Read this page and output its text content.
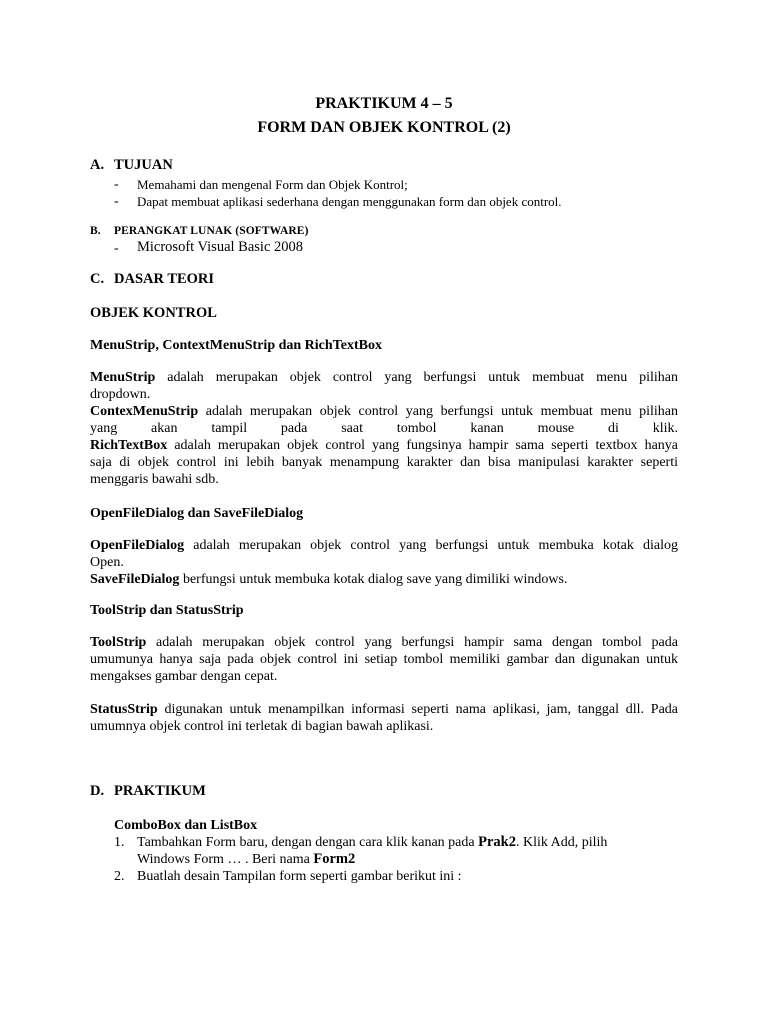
PRAKTIKUM 4 – 5
FORM DAN OBJEK KONTROL (2)
A. TUJUAN
- Memahami dan mengenal Form dan Objek Kontrol;
- Dapat membuat aplikasi sederhana dengan menggunakan form dan objek control.
B. PERANGKAT LUNAK (SOFTWARE)
- Microsoft Visual Basic 2008
C. DASAR TEORI
OBJEK KONTROL
MenuStrip, ContextMenuStrip dan RichTextBox
MenuStrip adalah merupakan objek control yang berfungsi untuk membuat menu pilihan
dropdown.
ContexMenuStrip adalah merupakan objek control yang berfungsi untuk membuat menu pilihan
yang akan tampil pada saat tombol kanan mouse di klik.
RichTextBox adalah merupakan objek control yang fungsinya hampir sama seperti textbox hanya
saja di objek control ini lebih banyak menampung karakter dan bisa manipulasi karakter seperti
menggaris bawahi sdb.
OpenFileDialog dan SaveFileDialog
OpenFileDialog adalah merupakan objek control yang berfungsi untuk membuka kotak dialog
Open.
SaveFileDialog berfungsi untuk membuka kotak dialog save yang dimiliki windows.
ToolStrip dan StatusStrip
ToolStrip adalah merupakan objek control yang berfungsi hampir sama dengan tombol pada
umumunya hanya saja pada objek control ini setiap tombol memiliki gambar dan digunakan untuk
mengakses gambar dengan cepat.
StatusStrip digunakan untuk menampilkan informasi seperti nama aplikasi, jam, tanggal dll. Pada
umumnya objek control ini terletak di bagian bawah aplikasi.
D. PRAKTIKUM
ComboBox dan ListBox
1. Tambahkan Form baru, dengan dengan cara klik kanan pada Prak2. Klik Add, pilih
Windows Form … . Beri nama Form2
2. Buatlah desain Tampilan form seperti gambar berikut ini :
